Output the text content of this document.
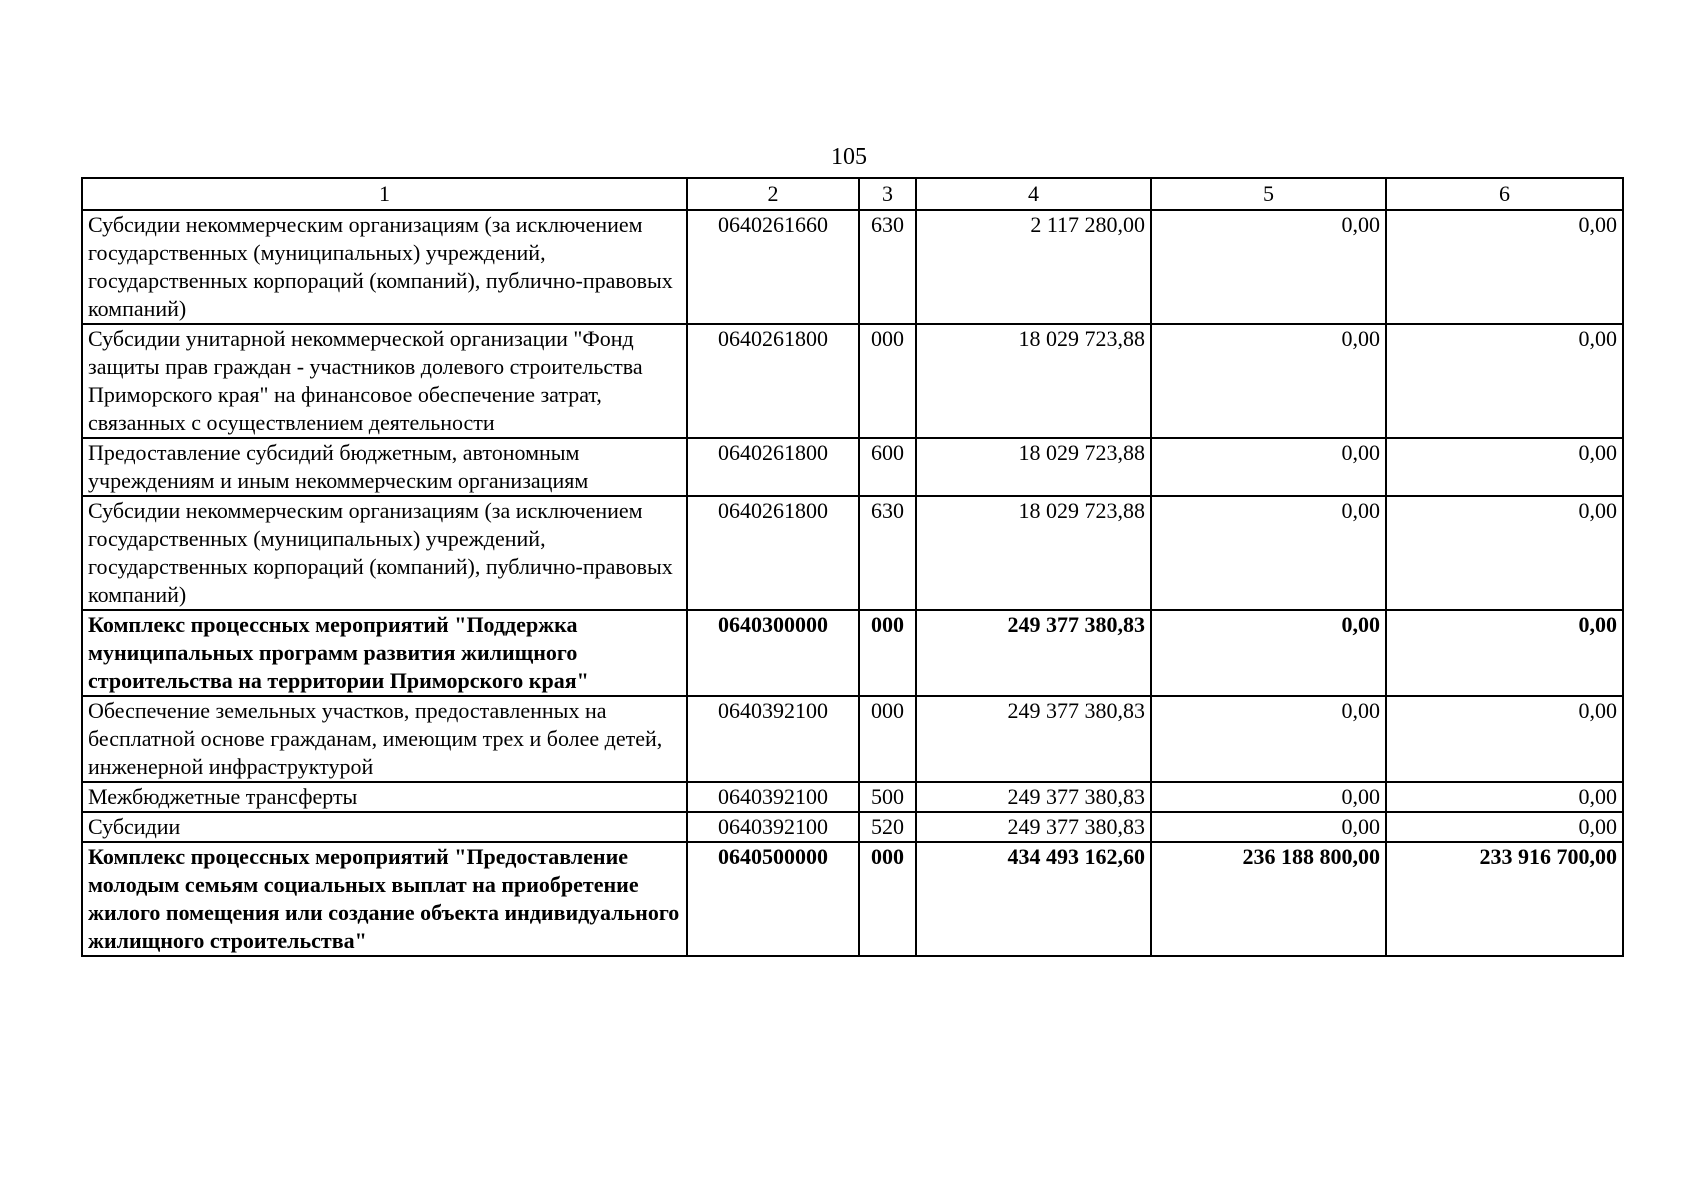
105
1	2	3	4	5	6
Субсидии некоммерческим организациям (за исключением государственных (муниципальных) учреждений, государственных корпораций (компаний), публично-правовых компаний)	0640261660	630	2 117 280,00	0,00	0,00
Субсидии унитарной некоммерческой организации "Фонд защиты прав граждан - участников долевого строительства Приморского края" на финансовое обеспечение затрат, связанных с осуществлением деятельности	0640261800	000	18 029 723,88	0,00	0,00
Предоставление субсидий бюджетным, автономным учреждениям и иным некоммерческим организациям	0640261800	600	18 029 723,88	0,00	0,00
Субсидии некоммерческим организациям (за исключением государственных (муниципальных) учреждений, государственных корпораций (компаний), публично-правовых компаний)	0640261800	630	18 029 723,88	0,00	0,00
Комплекс процессных мероприятий "Поддержка муниципальных программ развития жилищного строительства на территории Приморского края"	0640300000	000	249 377 380,83	0,00	0,00
Обеспечение земельных участков, предоставленных на бесплатной основе гражданам, имеющим трех и более детей, инженерной инфраструктурой	0640392100	000	249 377 380,83	0,00	0,00
Межбюджетные трансферты	0640392100	500	249 377 380,83	0,00	0,00
Субсидии	0640392100	520	249 377 380,83	0,00	0,00
Комплекс процессных мероприятий "Предоставление молодым семьям социальных выплат на приобретение жилого помещения или создание объекта индивидуального жилищного строительства"	0640500000	000	434 493 162,60	236 188 800,00	233 916 700,00
